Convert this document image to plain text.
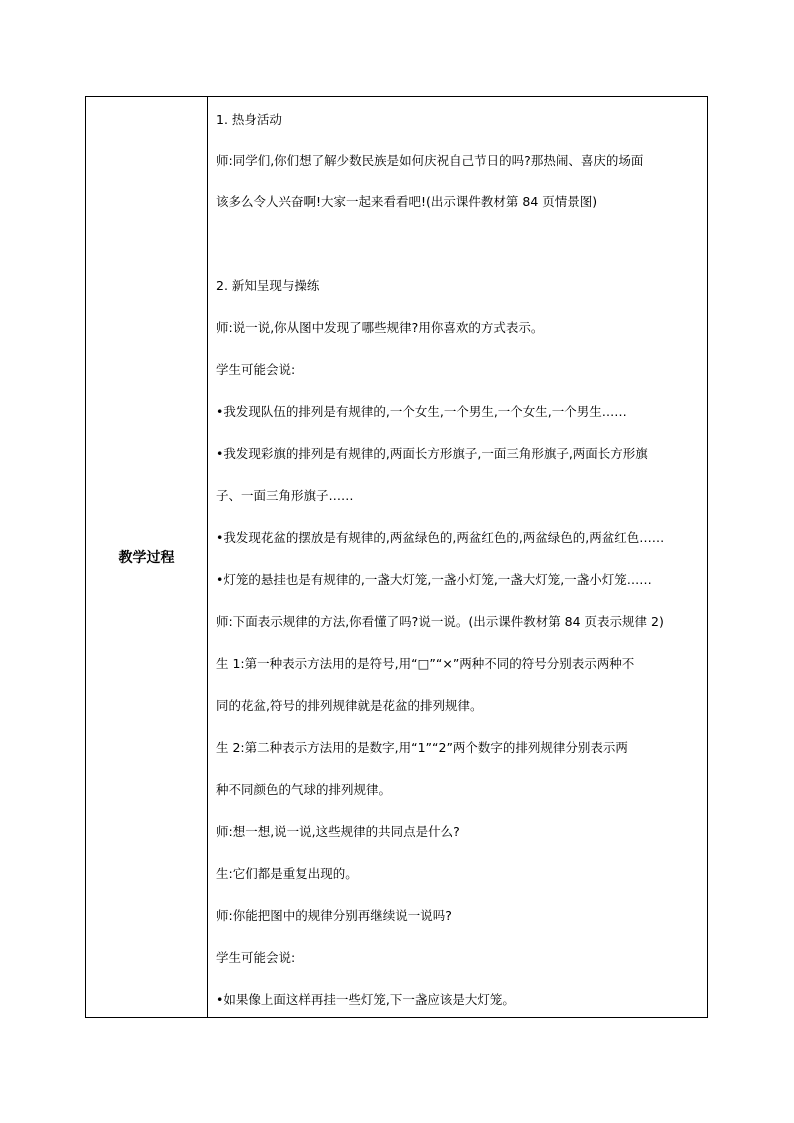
教学过程
1. 热身活动
师:同学们,你们想了解少数民族是如何庆祝自己节日的吗?那热闹、喜庆的场面
该多么令人兴奋啊!大家一起来看看吧!(出示课件教材第 84 页情景图)
2. 新知呈现与操练
师:说一说,你从图中发现了哪些规律?用你喜欢的方式表示。
学生可能会说:
•我发现队伍的排列是有规律的,一个女生,一个男生,一个女生,一个男生……
•我发现彩旗的排列是有规律的,两面长方形旗子,一面三角形旗子,两面长方形旗
子、一面三角形旗子……
•我发现花盆的摆放是有规律的,两盆绿色的,两盆红色的,两盆绿色的,两盆红色……
•灯笼的悬挂也是有规律的,一盏大灯笼,一盏小灯笼,一盏大灯笼,一盏小灯笼……
师:下面表示规律的方法,你看懂了吗?说一说。(出示课件教材第 84 页表示规律 2)
生 1:第一种表示方法用的是符号,用“□”“×”两种不同的符号分别表示两种不
同的花盆,符号的排列规律就是花盆的排列规律。
生 2:第二种表示方法用的是数字,用“1”“2”两个数字的排列规律分别表示两
种不同颜色的气球的排列规律。
师:想一想,说一说,这些规律的共同点是什么?
生:它们都是重复出现的。
师:你能把图中的规律分别再继续说一说吗?
学生可能会说:
•如果像上面这样再挂一些灯笼,下一盏应该是大灯笼。
